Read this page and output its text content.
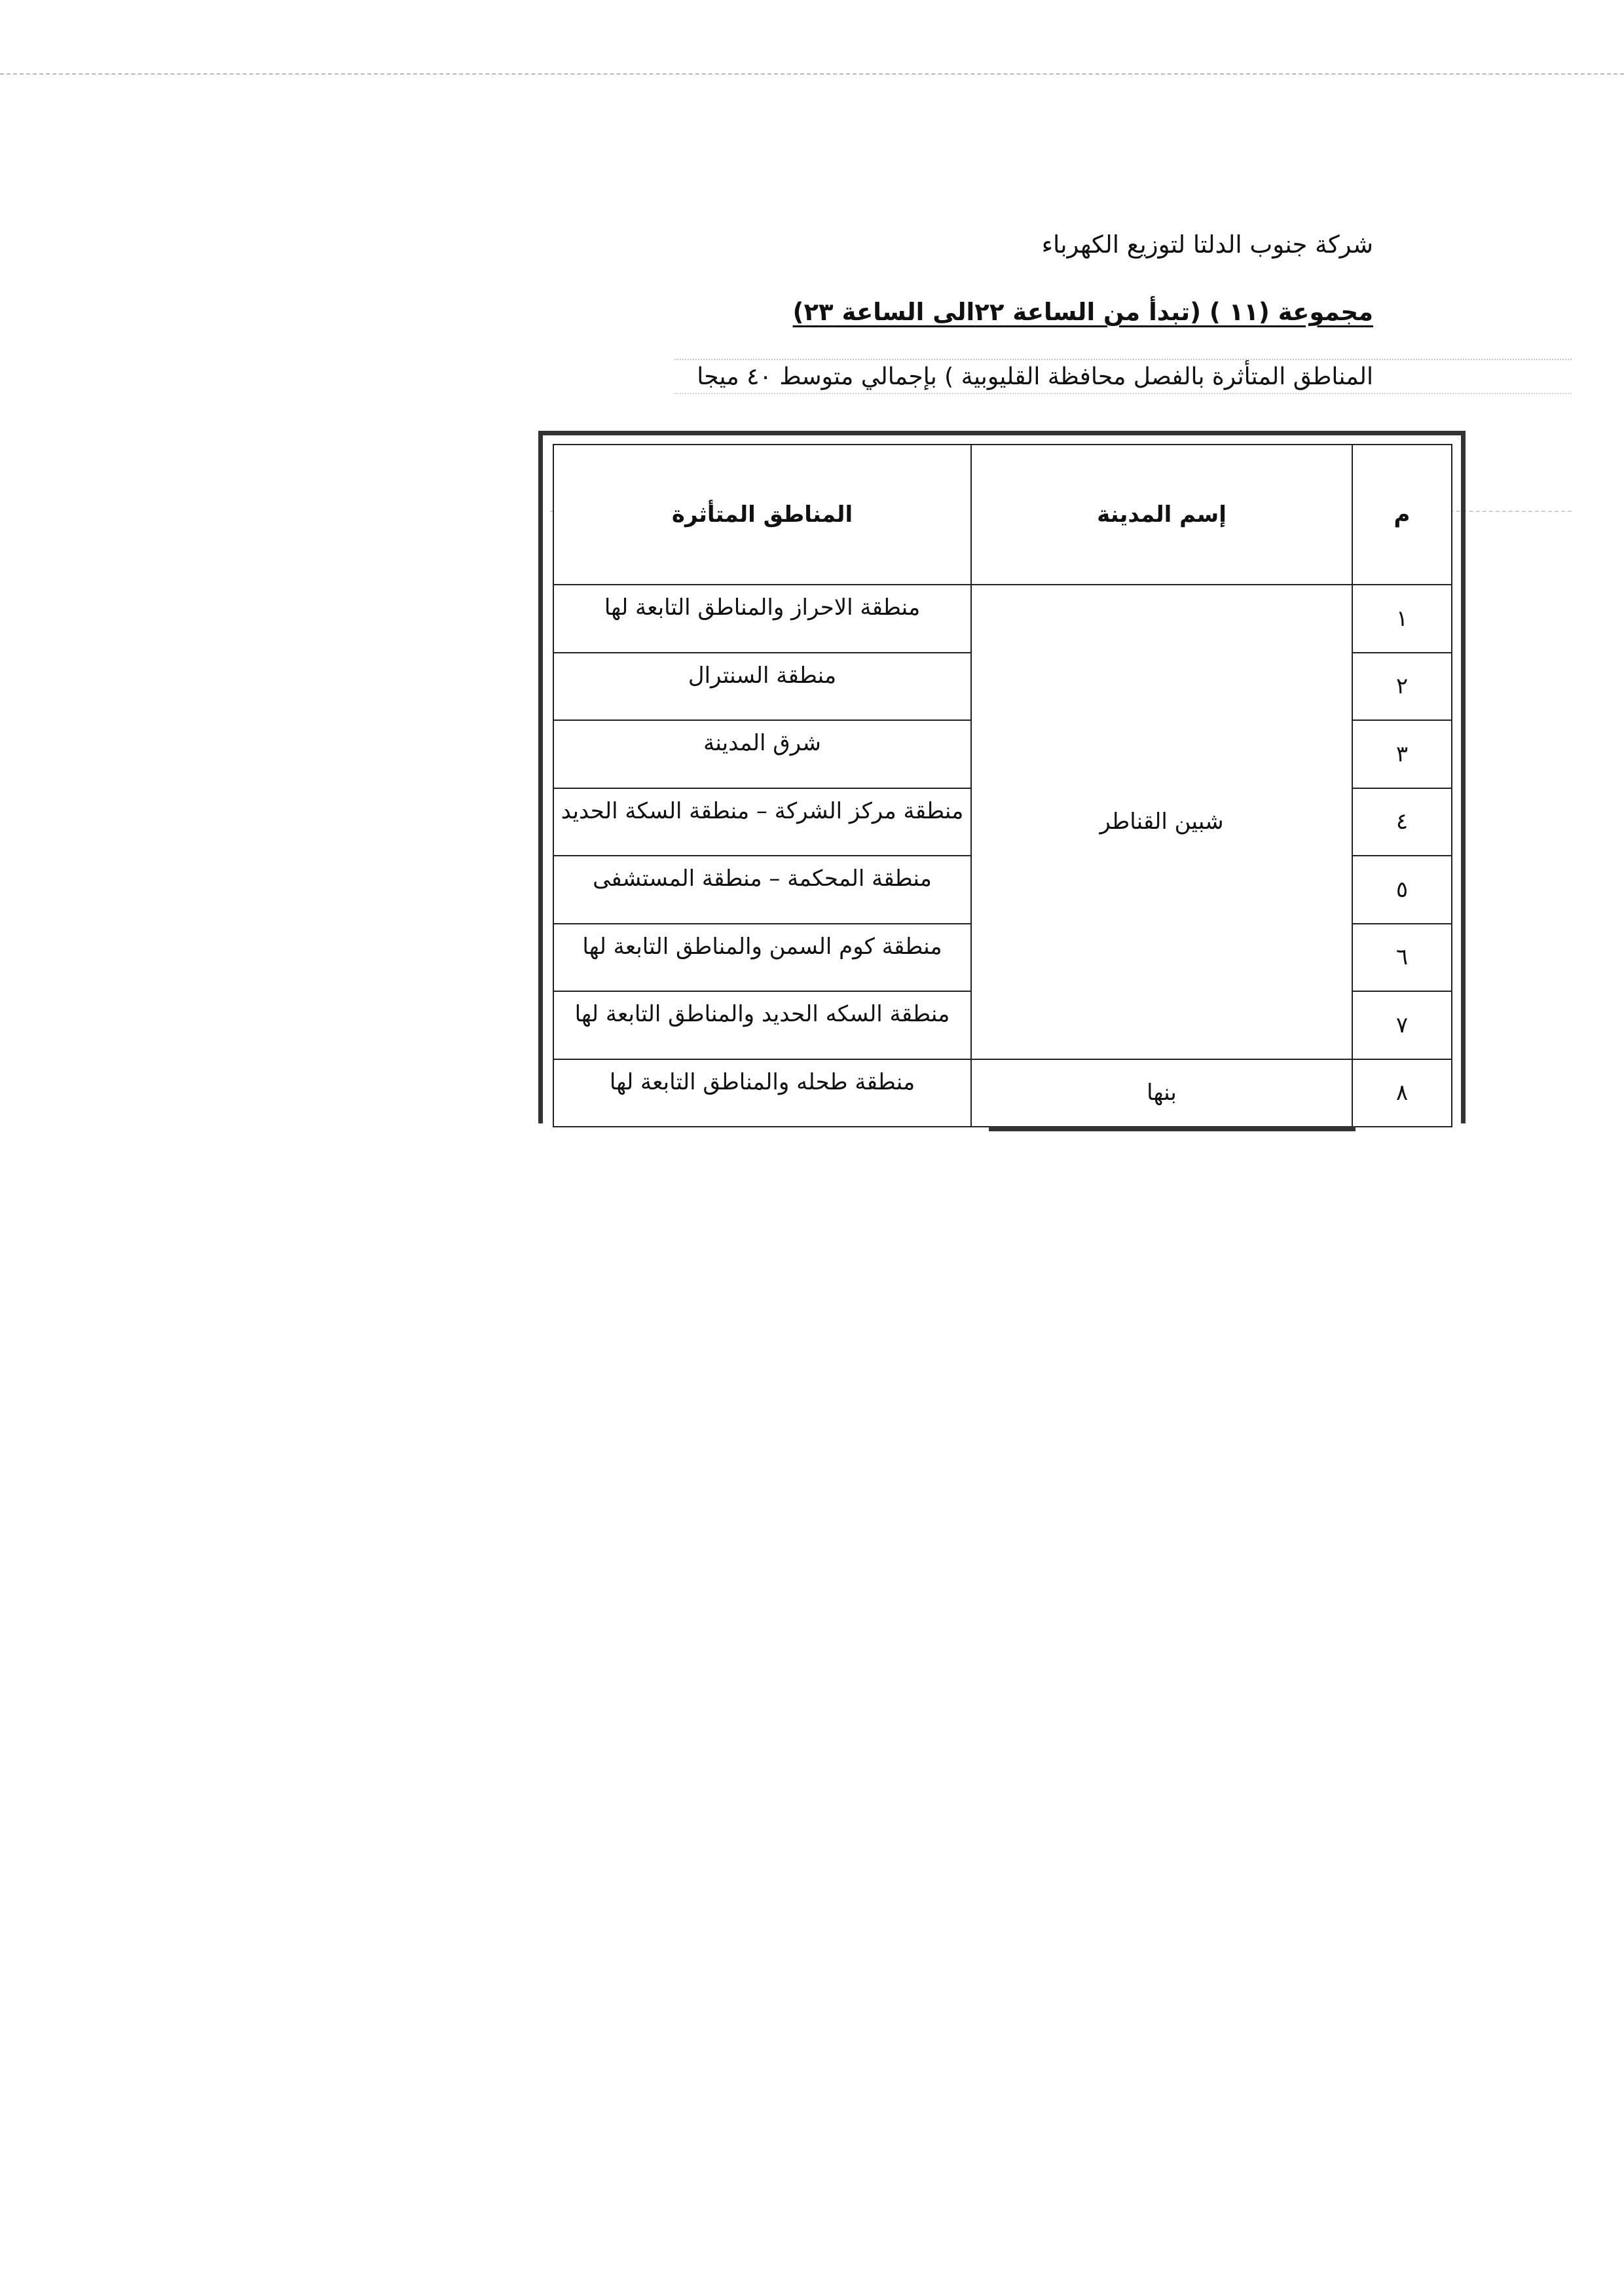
شركة جنوب الدلتا لتوزيع الكهرباء
مجموعة (١١ ) (تبدأ من الساعة ٢٢الى الساعة ٢٣)
المناطق المتأثرة بالفصل محافظة القليوبية ) بإجمالي متوسط ٤٠ ميجا
م	إسم المدينة	المناطق المتأثرة
١	شبين القناطر	منطقة الاحراز والمناطق التابعة لها
٢		منطقة السنترال
٣		شرق المدينة
٤		منطقة مركز الشركة – منطقة السكة الحديد
٥		منطقة المحكمة – منطقة المستشفى
٦		منطقة كوم السمن والمناطق التابعة لها
٧		منطقة السكه الحديد والمناطق التابعة لها
٨	بنها	منطقة طحله والمناطق التابعة لها
